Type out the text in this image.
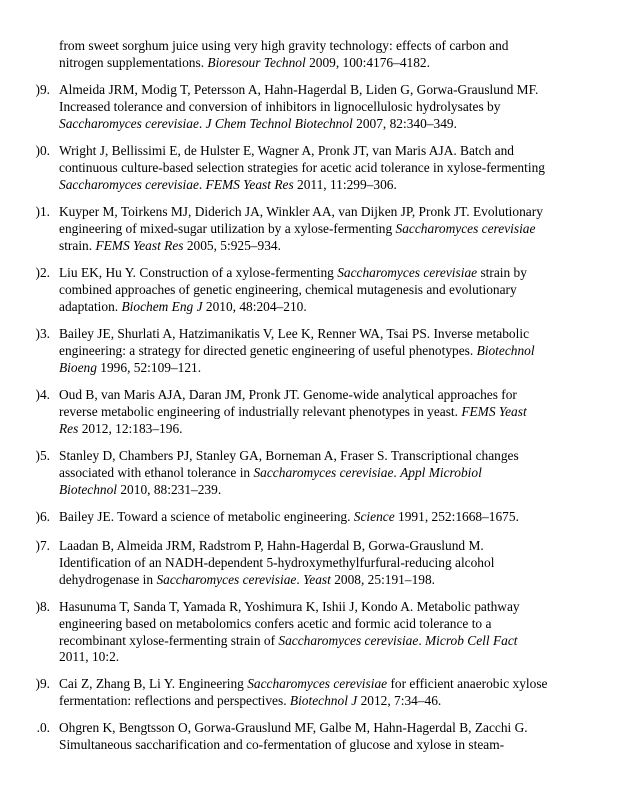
from sweet sorghum juice using very high gravity technology: effects of carbon and
nitrogen supplementations. Bioresour Technol 2009, 100:4176–4182.
)9. Almeida JRM, Modig T, Petersson A, Hahn-Hagerdal B, Liden G, Gorwa-Grauslund MF.
Increased tolerance and conversion of inhibitors in lignocellulosic hydrolysates by
Saccharomyces cerevisiae. J Chem Technol Biotechnol 2007, 82:340–349.
)0. Wright J, Bellissimi E, de Hulster E, Wagner A, Pronk JT, van Maris AJA. Batch and
continuous culture-based selection strategies for acetic acid tolerance in xylose-fermenting
Saccharomyces cerevisiae. FEMS Yeast Res 2011, 11:299–306.
)1. Kuyper M, Toirkens MJ, Diderich JA, Winkler AA, van Dijken JP, Pronk JT. Evolutionary
engineering of mixed-sugar utilization by a xylose-fermenting Saccharomyces cerevisiae
strain. FEMS Yeast Res 2005, 5:925–934.
)2. Liu EK, Hu Y. Construction of a xylose-fermenting Saccharomyces cerevisiae strain by
combined approaches of genetic engineering, chemical mutagenesis and evolutionary
adaptation. Biochem Eng J 2010, 48:204–210.
)3. Bailey JE, Shurlati A, Hatzimanikatis V, Lee K, Renner WA, Tsai PS. Inverse metabolic
engineering: a strategy for directed genetic engineering of useful phenotypes. Biotechnol
Bioeng 1996, 52:109–121.
)4. Oud B, van Maris AJA, Daran JM, Pronk JT. Genome-wide analytical approaches for
reverse metabolic engineering of industrially relevant phenotypes in yeast. FEMS Yeast
Res 2012, 12:183–196.
)5. Stanley D, Chambers PJ, Stanley GA, Borneman A, Fraser S. Transcriptional changes
associated with ethanol tolerance in Saccharomyces cerevisiae. Appl Microbiol
Biotechnol 2010, 88:231–239.
)6. Bailey JE. Toward a science of metabolic engineering. Science 1991, 252:1668–1675.
)7. Laadan B, Almeida JRM, Radstrom P, Hahn-Hagerdal B, Gorwa-Grauslund M.
Identification of an NADH-dependent 5-hydroxymethylfurfural-reducing alcohol
dehydrogenase in Saccharomyces cerevisiae. Yeast 2008, 25:191–198.
)8. Hasunuma T, Sanda T, Yamada R, Yoshimura K, Ishii J, Kondo A. Metabolic pathway
engineering based on metabolomics confers acetic and formic acid tolerance to a
recombinant xylose-fermenting strain of Saccharomyces cerevisiae. Microb Cell Fact
2011, 10:2.
)9. Cai Z, Zhang B, Li Y. Engineering Saccharomyces cerevisiae for efficient anaerobic xylose
fermentation: reflections and perspectives. Biotechnol J 2012, 7:34–46.
.0. Ohgren K, Bengtsson O, Gorwa-Grauslund MF, Galbe M, Hahn-Hagerdal B, Zacchi G.
Simultaneous saccharification and co-fermentation of glucose and xylose in steam-
